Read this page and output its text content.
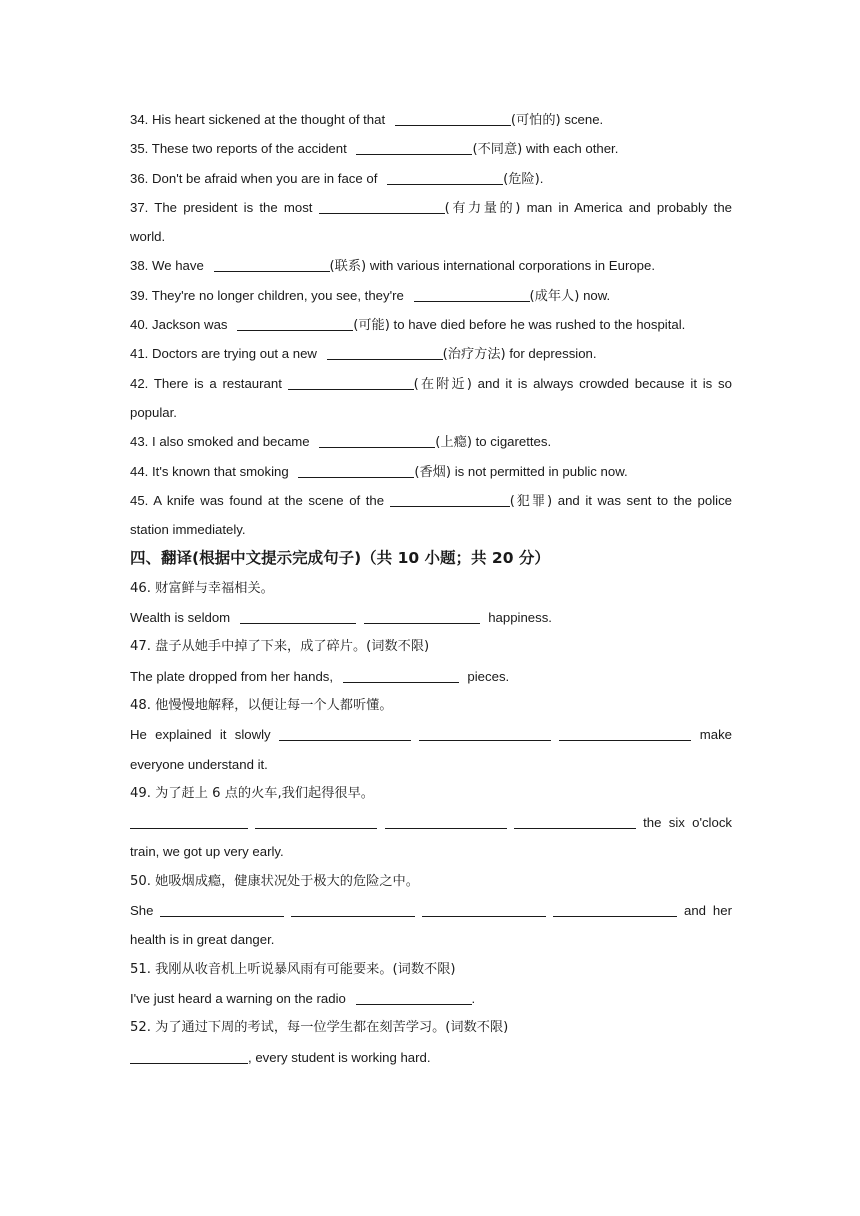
34. His heart sickened at the thought of that	(可怕的) scene.
35. These two reports of the accident	(不同意) with each other.
36. Don't be afraid when you are in face of	(危险).
37. The president is the most	(有力量的) man in America and probably the
world.
38. We have	(联系) with various international corporations in Europe.
39. They're no longer children, you see, they're	(成年人) now.
40. Jackson was	(可能) to have died before he was rushed to the hospital.
41. Doctors are trying out a new	(治疗方法) for depression.
42. There is a restaurant	(在附近) and it is always crowded because it is so
popular.
43. I also smoked and became	(上瘾) to cigarettes.
44. It's known that smoking	(香烟) is not permitted in public now.
45. A knife was found at the scene of the	(犯罪) and it was sent to the police
station immediately.
四、翻译(根据中文提示完成句子)（共 10 小题；共 20 分）
46. 财富鲜与幸福相关。
Wealth is seldom	happiness.
47. 盘子从她手中掉了下来，成了碎片。(词数不限)
The plate dropped from her hands,	pieces.
48. 他慢慢地解释，以便让每一个人都听懂。
He explained it slowly	make
everyone understand it.
49. 为了赶上 6 点的火车,我们起得很早。
the six o'clock
train, we got up very early.
50. 她吸烟成瘾，健康状况处于极大的危险之中。
She	and her
health is in great danger.
51. 我刚从收音机上听说暴风雨有可能要来。(词数不限)
I've just heard a warning on the radio	.
52. 为了通过下周的考试，每一位学生都在刻苦学习。(词数不限)
, every student is working hard.
